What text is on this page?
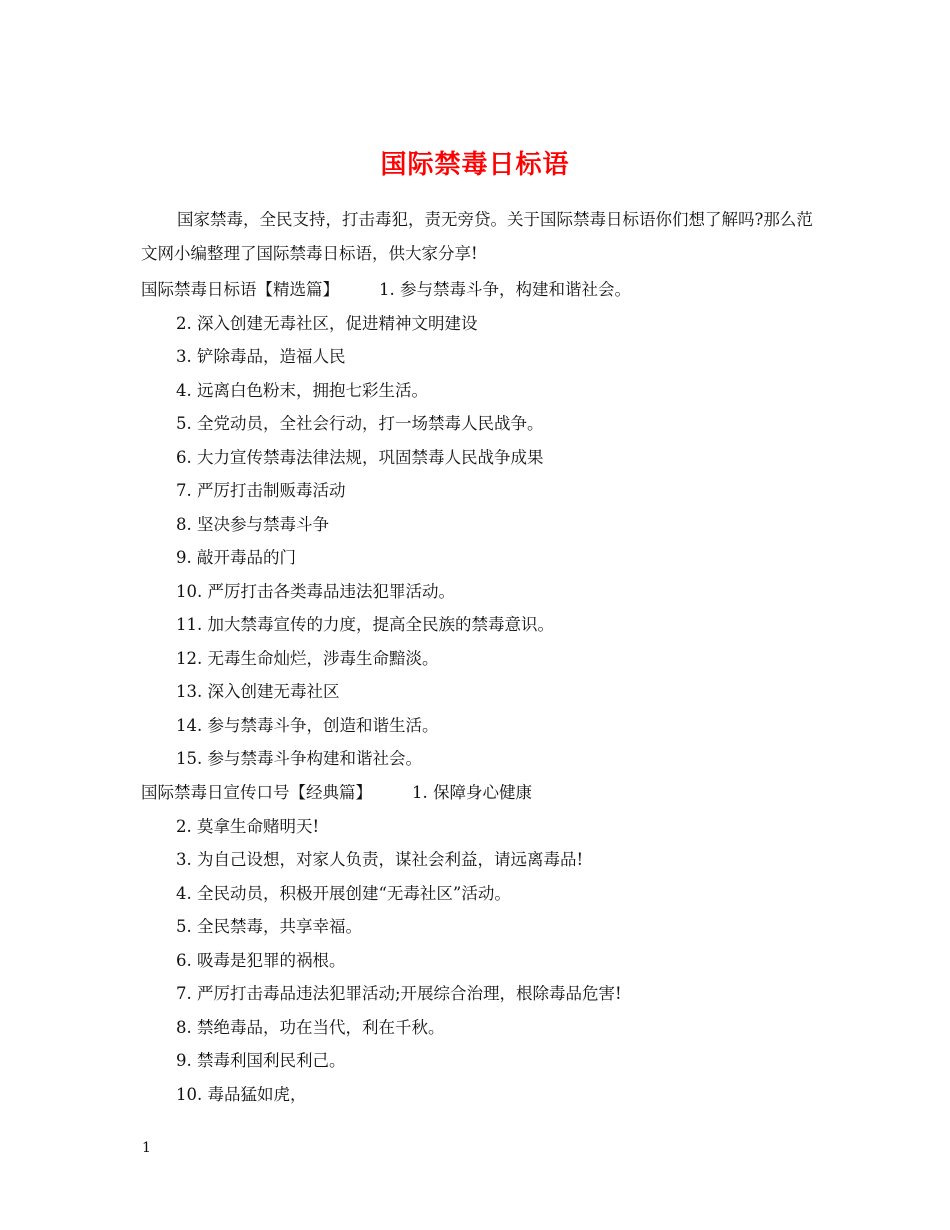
国际禁毒日标语

国家禁毒，全民支持，打击毒犯，责无旁贷。关于国际禁毒日标语你们想了解吗?那么范文网小编整理了国际禁毒日标语，供大家分享!

国际禁毒日标语【精选篇】 1. 参与禁毒斗争，构建和谐社会。
2. 深入创建无毒社区，促进精神文明建设
3. 铲除毒品，造福人民
4. 远离白色粉末，拥抱七彩生活。
5. 全党动员，全社会行动，打一场禁毒人民战争。
6. 大力宣传禁毒法律法规，巩固禁毒人民战争成果
7. 严厉打击制贩毒活动
8. 坚决参与禁毒斗争
9. 敲开毒品的门
10. 严厉打击各类毒品违法犯罪活动。
11. 加大禁毒宣传的力度，提高全民族的禁毒意识。
12. 无毒生命灿烂，涉毒生命黯淡。
13. 深入创建无毒社区
14. 参与禁毒斗争，创造和谐生活。
15. 参与禁毒斗争构建和谐社会。
国际禁毒日宣传口号【经典篇】 1. 保障身心健康
2. 莫拿生命赌明天!
3. 为自己设想，对家人负责，谋社会利益，请远离毒品!
4. 全民动员，积极开展创建“无毒社区”活动。
5. 全民禁毒，共享幸福。
6. 吸毒是犯罪的祸根。
7. 严厉打击毒品违法犯罪活动;开展综合治理，根除毒品危害!
8. 禁绝毒品，功在当代，利在千秋。
9. 禁毒利国利民利己。
10. 毒品猛如虎，
1
